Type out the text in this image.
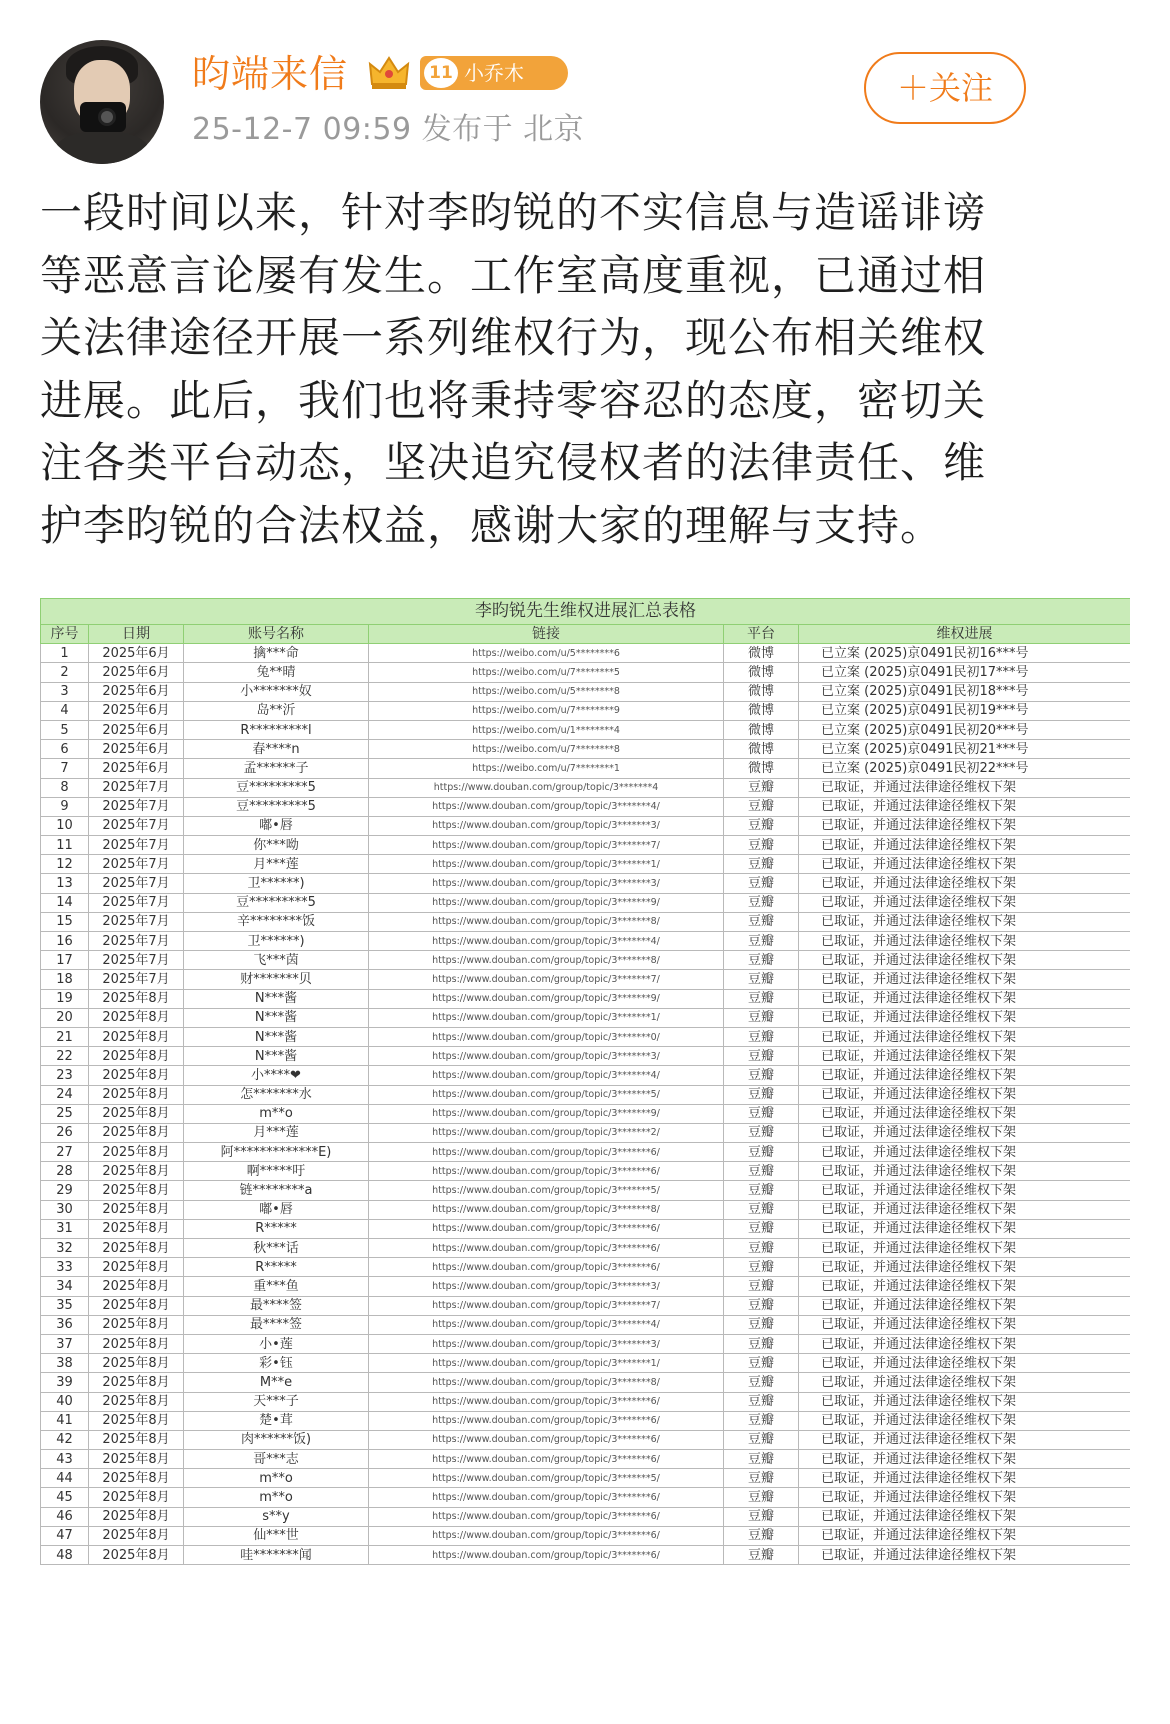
昀端来信	11 小乔木
25-12-7 09:59 发布于 北京
＋关注
一段时间以来，针对李昀锐的不实信息与造谣诽谤
等恶意言论屡有发生。工作室高度重视，已通过相
关法律途径开展一系列维权行为，现公布相关维权
进展。此后，我们也将秉持零容忍的态度，密切关
注各类平台动态，坚决追究侵权者的法律责任、维
护李昀锐的合法权益，感谢大家的理解与支持。
李昀锐先生维权进展汇总表格					
序号	日期	账号名称	链接	平台	维权进展
1	2025年6月	擒***命	https://weibo.com/u/5********6	微博	已立案 (2025)京0491民初16***号
2	2025年6月	兔**晴	https://weibo.com/u/7********5	微博	已立案 (2025)京0491民初17***号
3	2025年6月	小*******奴	https://weibo.com/u/5********8	微博	已立案 (2025)京0491民初18***号
4	2025年6月	岛**沂	https://weibo.com/u/7********9	微博	已立案 (2025)京0491民初19***号
5	2025年6月	R*********l	https://weibo.com/u/1********4	微博	已立案 (2025)京0491民初20***号
6	2025年6月	春****n	https://weibo.com/u/7********8	微博	已立案 (2025)京0491民初21***号
7	2025年6月	孟******子	https://weibo.com/u/7********1	微博	已立案 (2025)京0491民初22***号
8	2025年7月	豆*********5	https://www.douban.com/group/topic/3*******4	豆瓣	已取证，并通过法律途径维权下架
9	2025年7月	豆*********5	https://www.douban.com/group/topic/3*******4/	豆瓣	已取证，并通过法律途径维权下架
10	2025年7月	嘟•唇	https://www.douban.com/group/topic/3*******3/	豆瓣	已取证，并通过法律途径维权下架
11	2025年7月	你***呦	https://www.douban.com/group/topic/3*******7/	豆瓣	已取证，并通过法律途径维权下架
12	2025年7月	月***莲	https://www.douban.com/group/topic/3*******1/	豆瓣	已取证，并通过法律途径维权下架
13	2025年7月	卫******)	https://www.douban.com/group/topic/3*******3/	豆瓣	已取证，并通过法律途径维权下架
14	2025年7月	豆*********5	https://www.douban.com/group/topic/3*******9/	豆瓣	已取证，并通过法律途径维权下架
15	2025年7月	辛********饭	https://www.douban.com/group/topic/3*******8/	豆瓣	已取证，并通过法律途径维权下架
16	2025年7月	卫******)	https://www.douban.com/group/topic/3*******4/	豆瓣	已取证，并通过法律途径维权下架
17	2025年7月	飞***茵	https://www.douban.com/group/topic/3*******8/	豆瓣	已取证，并通过法律途径维权下架
18	2025年7月	财*******贝	https://www.douban.com/group/topic/3*******7/	豆瓣	已取证，并通过法律途径维权下架
19	2025年8月	N***酱	https://www.douban.com/group/topic/3*******9/	豆瓣	已取证，并通过法律途径维权下架
20	2025年8月	N***酱	https://www.douban.com/group/topic/3*******1/	豆瓣	已取证，并通过法律途径维权下架
21	2025年8月	N***酱	https://www.douban.com/group/topic/3*******0/	豆瓣	已取证，并通过法律途径维权下架
22	2025年8月	N***酱	https://www.douban.com/group/topic/3*******3/	豆瓣	已取证，并通过法律途径维权下架
23	2025年8月	小****❤	https://www.douban.com/group/topic/3*******4/	豆瓣	已取证，并通过法律途径维权下架
24	2025年8月	怎*******水	https://www.douban.com/group/topic/3*******5/	豆瓣	已取证，并通过法律途径维权下架
25	2025年8月	m**o	https://www.douban.com/group/topic/3*******9/	豆瓣	已取证，并通过法律途径维权下架
26	2025年8月	月***莲	https://www.douban.com/group/topic/3*******2/	豆瓣	已取证，并通过法律途径维权下架
27	2025年8月	阿*************E)	https://www.douban.com/group/topic/3*******6/	豆瓣	已取证，并通过法律途径维权下架
28	2025年8月	啊*****吁	https://www.douban.com/group/topic/3*******6/	豆瓣	已取证，并通过法律途径维权下架
29	2025年8月	链********a	https://www.douban.com/group/topic/3*******5/	豆瓣	已取证，并通过法律途径维权下架
30	2025年8月	嘟•唇	https://www.douban.com/group/topic/3*******8/	豆瓣	已取证，并通过法律途径维权下架
31	2025年8月	R*****	https://www.douban.com/group/topic/3*******6/	豆瓣	已取证，并通过法律途径维权下架
32	2025年8月	秋***话	https://www.douban.com/group/topic/3*******6/	豆瓣	已取证，并通过法律途径维权下架
33	2025年8月	R*****	https://www.douban.com/group/topic/3*******6/	豆瓣	已取证，并通过法律途径维权下架
34	2025年8月	重***鱼	https://www.douban.com/group/topic/3*******3/	豆瓣	已取证，并通过法律途径维权下架
35	2025年8月	最****签	https://www.douban.com/group/topic/3*******7/	豆瓣	已取证，并通过法律途径维权下架
36	2025年8月	最****签	https://www.douban.com/group/topic/3*******4/	豆瓣	已取证，并通过法律途径维权下架
37	2025年8月	小•莲	https://www.douban.com/group/topic/3*******3/	豆瓣	已取证，并通过法律途径维权下架
38	2025年8月	彩•钰	https://www.douban.com/group/topic/3*******1/	豆瓣	已取证，并通过法律途径维权下架
39	2025年8月	M**e	https://www.douban.com/group/topic/3*******8/	豆瓣	已取证，并通过法律途径维权下架
40	2025年8月	天***子	https://www.douban.com/group/topic/3*******6/	豆瓣	已取证，并通过法律途径维权下架
41	2025年8月	楚•茸	https://www.douban.com/group/topic/3*******6/	豆瓣	已取证，并通过法律途径维权下架
42	2025年8月	肉******饭)	https://www.douban.com/group/topic/3*******6/	豆瓣	已取证，并通过法律途径维权下架
43	2025年8月	哥***志	https://www.douban.com/group/topic/3*******6/	豆瓣	已取证，并通过法律途径维权下架
44	2025年8月	m**o	https://www.douban.com/group/topic/3*******5/	豆瓣	已取证，并通过法律途径维权下架
45	2025年8月	m**o	https://www.douban.com/group/topic/3*******6/	豆瓣	已取证，并通过法律途径维权下架
46	2025年8月	s**y	https://www.douban.com/group/topic/3*******6/	豆瓣	已取证，并通过法律途径维权下架
47	2025年8月	仙***世	https://www.douban.com/group/topic/3*******6/	豆瓣	已取证，并通过法律途径维权下架
48	2025年8月	哇*******闻	https://www.douban.com/group/topic/3*******6/	豆瓣	已取证，并通过法律途径维权下架
